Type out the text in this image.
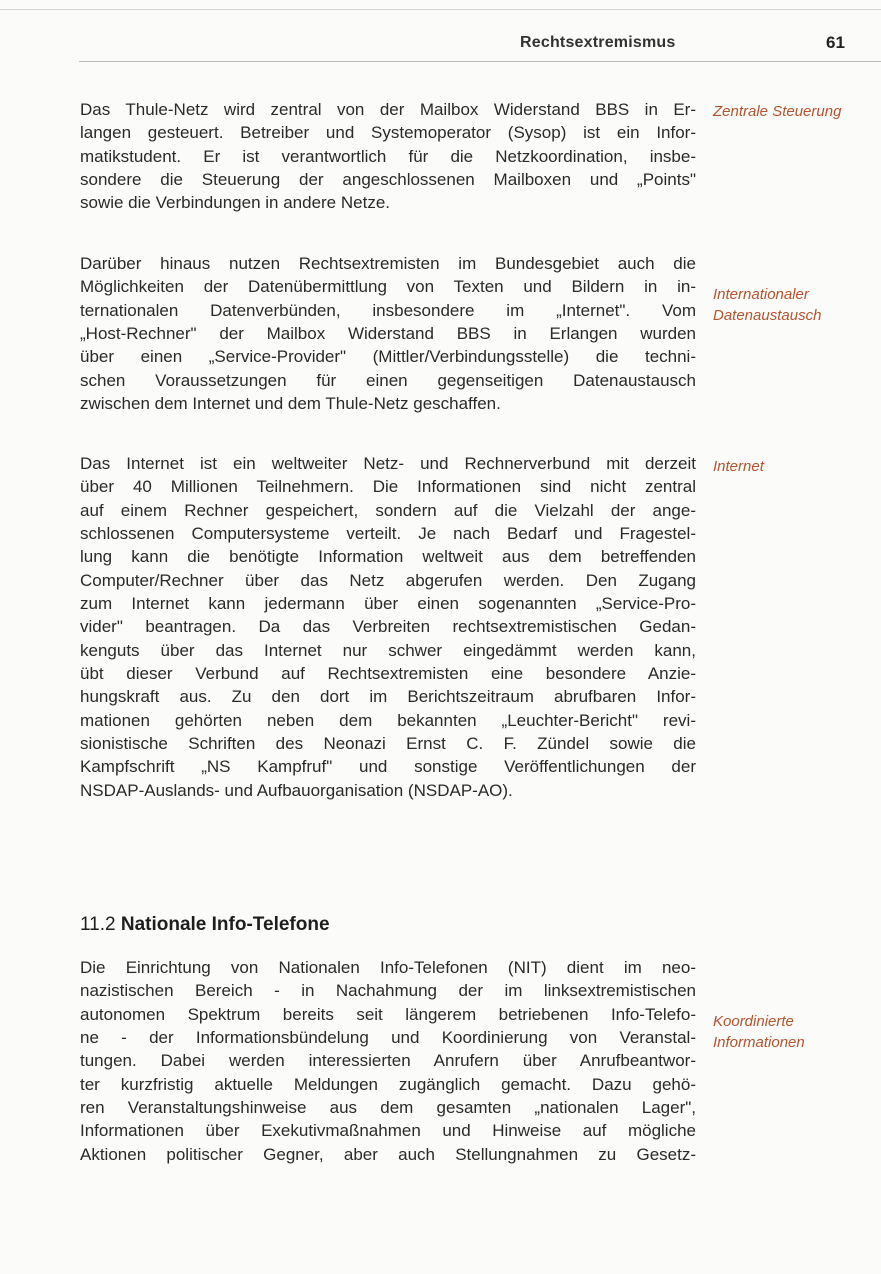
Rechtsextremismus	61

Das Thule-Netz wird zentral von der Mailbox Widerstand BBS in Er-
langen gesteuert. Betreiber und Systemoperator (Sysop) ist ein Infor-
matikstudent. Er ist verantwortlich für die Netzkoordination, insbe-
sondere die Steuerung der angeschlossenen Mailboxen und „Points"
sowie die Verbindungen in andere Netze.

Darüber hinaus nutzen Rechtsextremisten im Bundesgebiet auch die
Möglichkeiten der Datenübermittlung von Texten und Bildern in in-
ternationalen Datenverbünden, insbesondere im „Internet". Vom
„Host-Rechner" der Mailbox Widerstand BBS in Erlangen wurden
über einen „Service-Provider" (Mittler/Verbindungsstelle) die techni-
schen Voraussetzungen für einen gegenseitigen Datenaustausch
zwischen dem Internet und dem Thule-Netz geschaffen.

Das Internet ist ein weltweiter Netz- und Rechnerverbund mit derzeit
über 40 Millionen Teilnehmern. Die Informationen sind nicht zentral
auf einem Rechner gespeichert, sondern auf die Vielzahl der ange-
schlossenen Computersysteme verteilt. Je nach Bedarf und Fragestel-
lung kann die benötigte Information weltweit aus dem betreffenden
Computer/Rechner über das Netz abgerufen werden. Den Zugang
zum Internet kann jedermann über einen sogenannten „Service-Pro-
vider" beantragen. Da das Verbreiten rechtsextremistischen Gedan-
kenguts über das Internet nur schwer eingedämmt werden kann,
übt dieser Verbund auf Rechtsextremisten eine besondere Anzie-
hungskraft aus. Zu den dort im Berichtszeitraum abrufbaren Infor-
mationen gehörten neben dem bekannten „Leuchter-Bericht" revi-
sionistische Schriften des Neonazi Ernst C. F. Zündel sowie die
Kampfschrift „NS Kampfruf" und sonstige Veröffentlichungen der
NSDAP-Auslands- und Aufbauorganisation (NSDAP-AO).

11.2 Nationale Info-Telefone

Die Einrichtung von Nationalen Info-Telefonen (NIT) dient im neo-
nazistischen Bereich - in Nachahmung der im linksextremistischen
autonomen Spektrum bereits seit längerem betriebenen Info-Telefo-
ne - der Informationsbündelung und Koordinierung von Veranstal-
tungen. Dabei werden interessierten Anrufern über Anrufbeantwor-
ter kurzfristig aktuelle Meldungen zugänglich gemacht. Dazu gehö-
ren Veranstaltungshinweise aus dem gesamten „nationalen Lager",
Informationen über Exekutivmaßnahmen und Hinweise auf mögliche
Aktionen politischer Gegner, aber auch Stellungnahmen zu Gesetz-

Zentrale Steuerung
Internationaler
Datenaustausch
Internet
Koordinierte
Informationen
